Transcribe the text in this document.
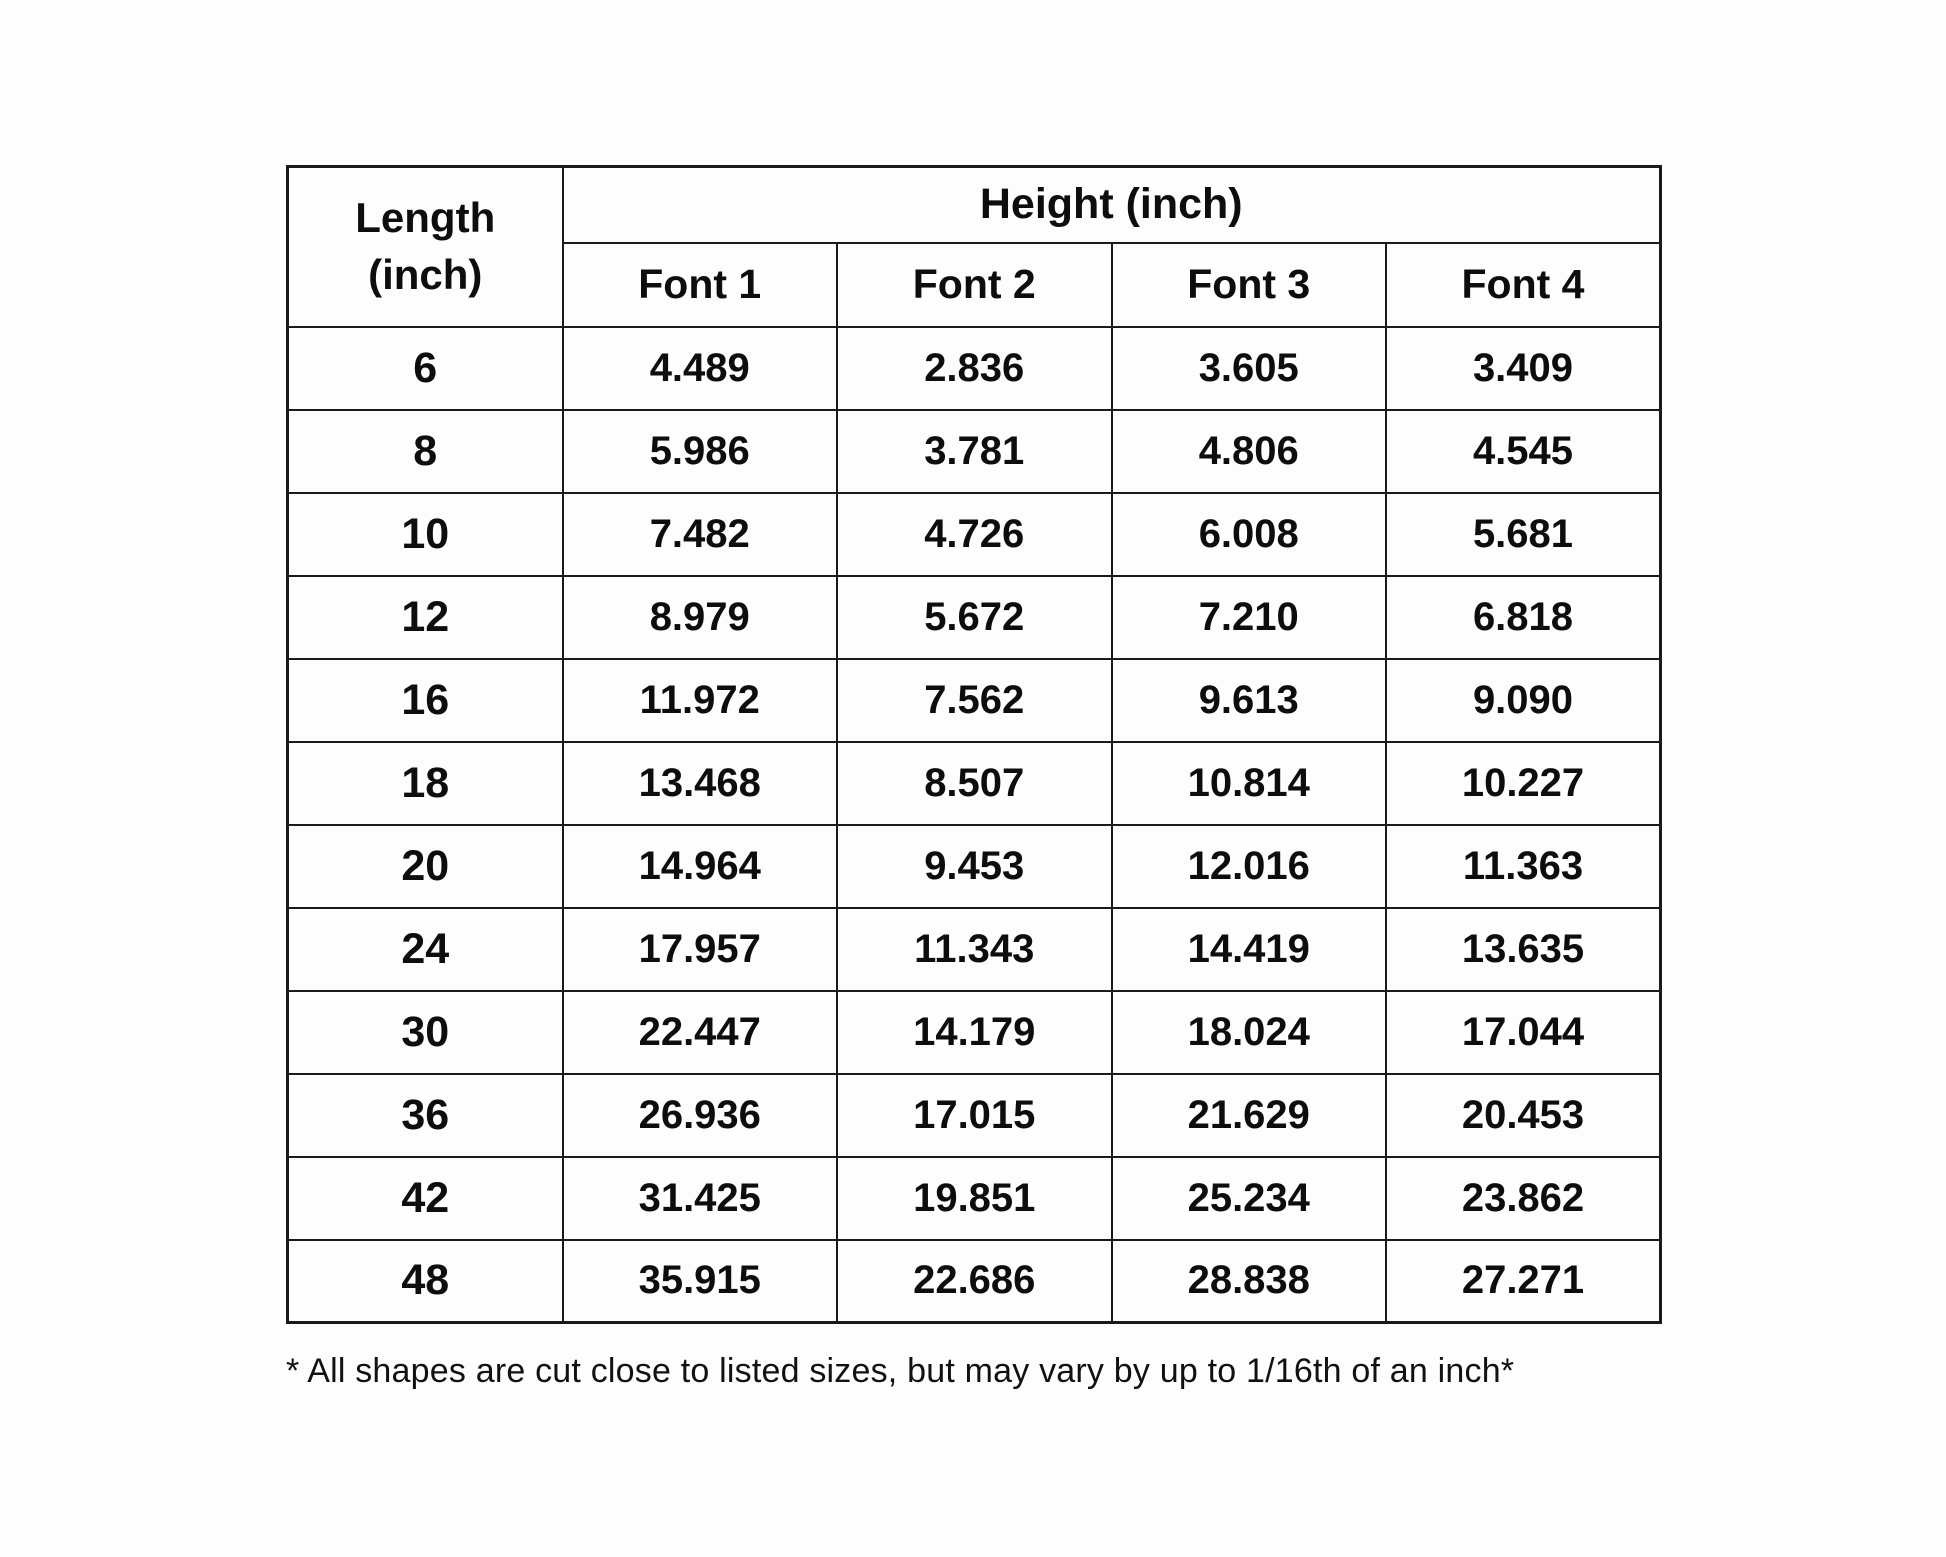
Length
(inch)	Height (inch)			
	Font 1	Font 2	Font 3	Font 4
6	4.489	2.836	3.605	3.409
8	5.986	3.781	4.806	4.545
10	7.482	4.726	6.008	5.681
12	8.979	5.672	7.210	6.818
16	11.972	7.562	9.613	9.090
18	13.468	8.507	10.814	10.227
20	14.964	9.453	12.016	11.363
24	17.957	11.343	14.419	13.635
30	22.447	14.179	18.024	17.044
36	26.936	17.015	21.629	20.453
42	31.425	19.851	25.234	23.862
48	35.915	22.686	28.838	27.271
* All shapes are cut close to listed sizes, but may vary by up to 1/16th of an inch*
